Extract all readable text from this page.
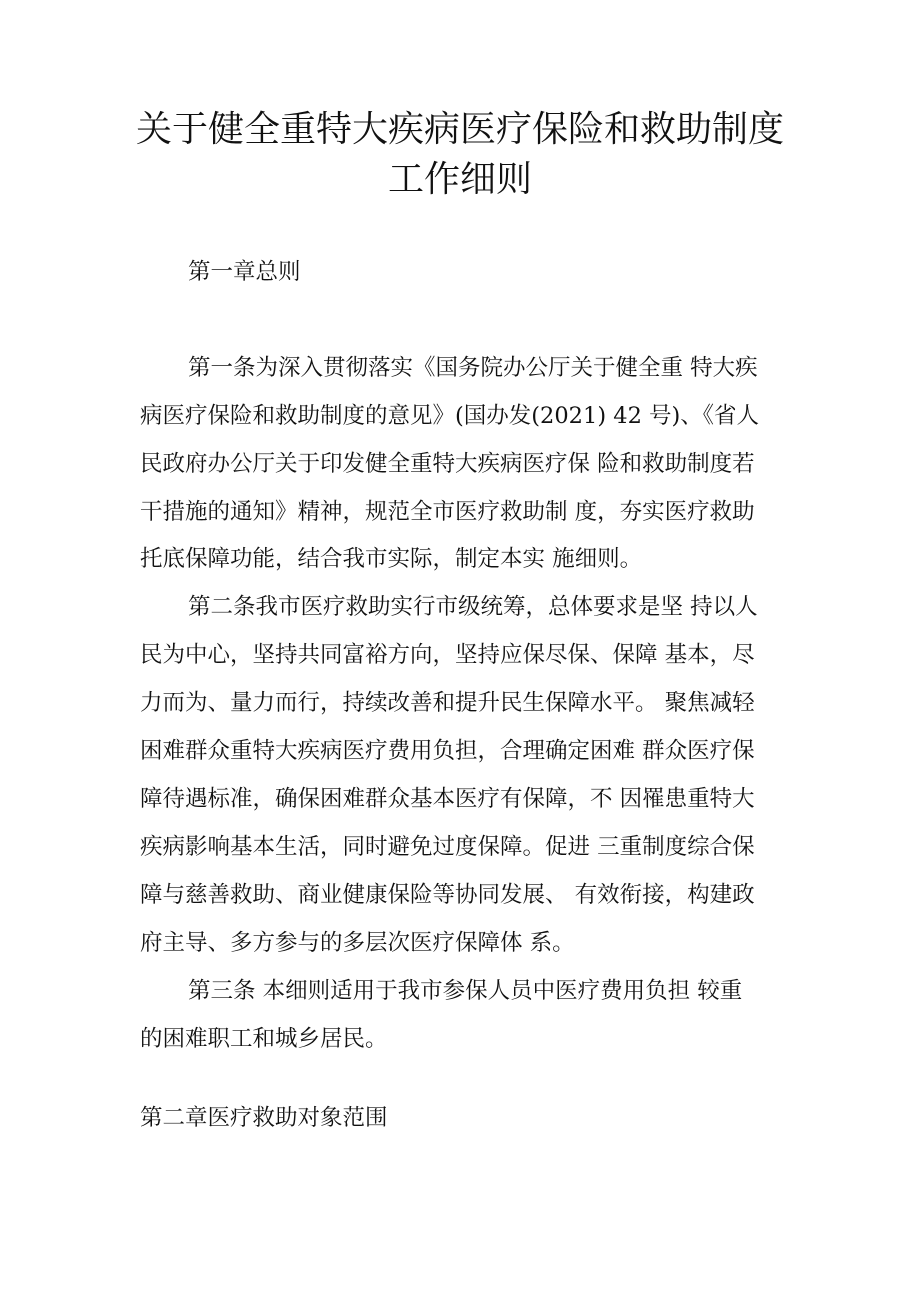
关于健全重特大疾病医疗保险和救助制度
工作细则

第一章总则

第一条为深入贯彻落实《国务院办公厅关于健全重 特大疾

病医疗保险和救助制度的意见》(国办发(2021) 42 号)、《省人

民政府办公厅关于印发健全重特大疾病医疗保 险和救助制度若

干措施的通知》精神，规范全市医疗救助制 度，夯实医疗救助

托底保障功能，结合我市实际，制定本实 施细则。

第二条我市医疗救助实行市级统筹，总体要求是坚 持以人

民为中心，坚持共同富裕方向，坚持应保尽保、保障 基本，尽

力而为、量力而行，持续改善和提升民生保障水平。 聚焦减轻

困难群众重特大疾病医疗费用负担，合理确定困难 群众医疗保

障待遇标准，确保困难群众基本医疗有保障，不 因罹患重特大

疾病影响基本生活，同时避免过度保障。促进 三重制度综合保

障与慈善救助、商业健康保险等协同发展、 有效衔接，构建政

府主导、多方参与的多层次医疗保障体 系。

第三条 本细则适用于我市参保人员中医疗费用负担 较重

的困难职工和城乡居民。

第二章医疗救助对象范围
